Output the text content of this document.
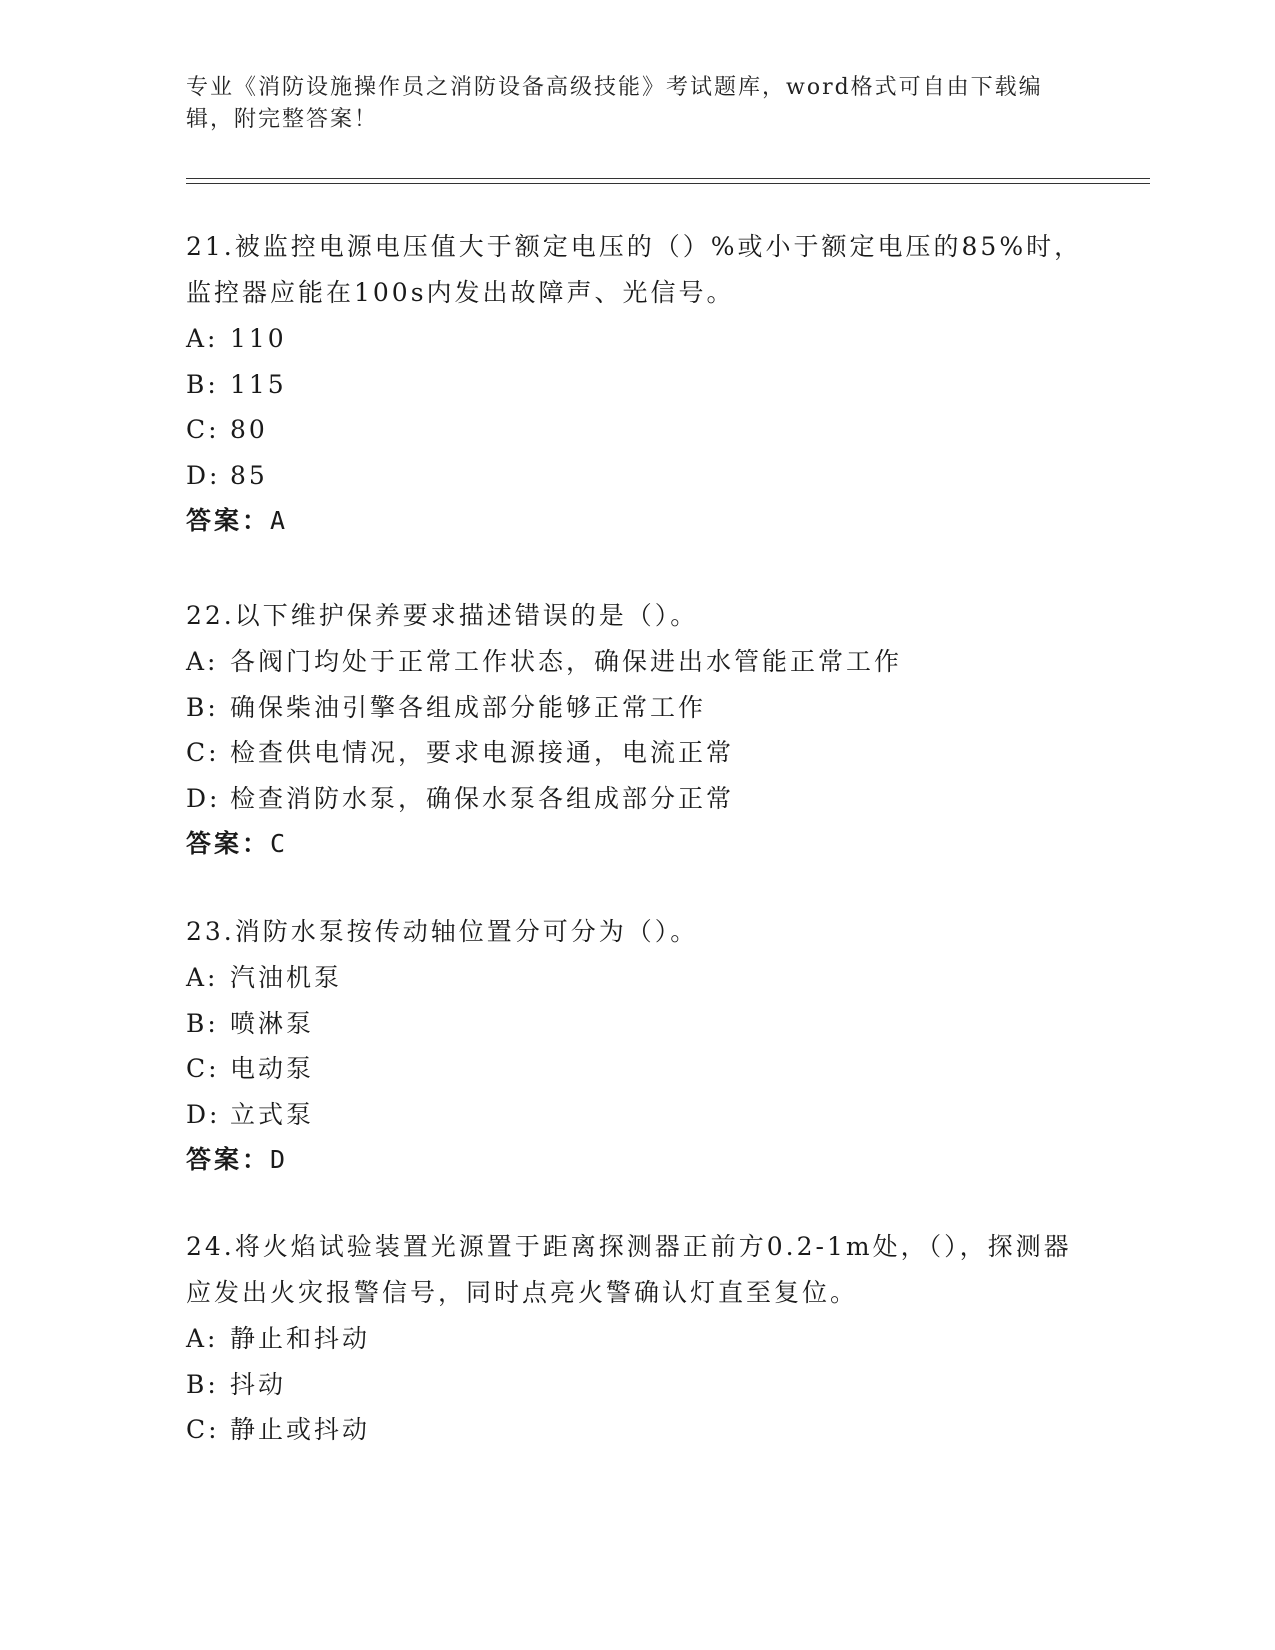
专业《消防设施操作员之消防设备高级技能》考试题库，word格式可自由下载编辑，附完整答案！

21.被监控电源电压值大于额定电压的（）%或小于额定电压的85%时，监控器应能在100s内发出故障声、光信号。

A: 110

B: 115

C: 80

D: 85

答案：A

22.以下维护保养要求描述错误的是（）。

A: 各阀门均处于正常工作状态，确保进出水管能正常工作

B: 确保柴油引擎各组成部分能够正常工作

C: 检查供电情况，要求电源接通，电流正常

D: 检查消防水泵，确保水泵各组成部分正常

答案：C

23.消防水泵按传动轴位置分可分为（）。

A: 汽油机泵

B: 喷淋泵

C: 电动泵

D: 立式泵

答案：D

24.将火焰试验装置光源置于距离探测器正前方0.2-1m处，（），探测器应发出火灾报警信号，同时点亮火警确认灯直至复位。

A: 静止和抖动

B: 抖动

C: 静止或抖动
